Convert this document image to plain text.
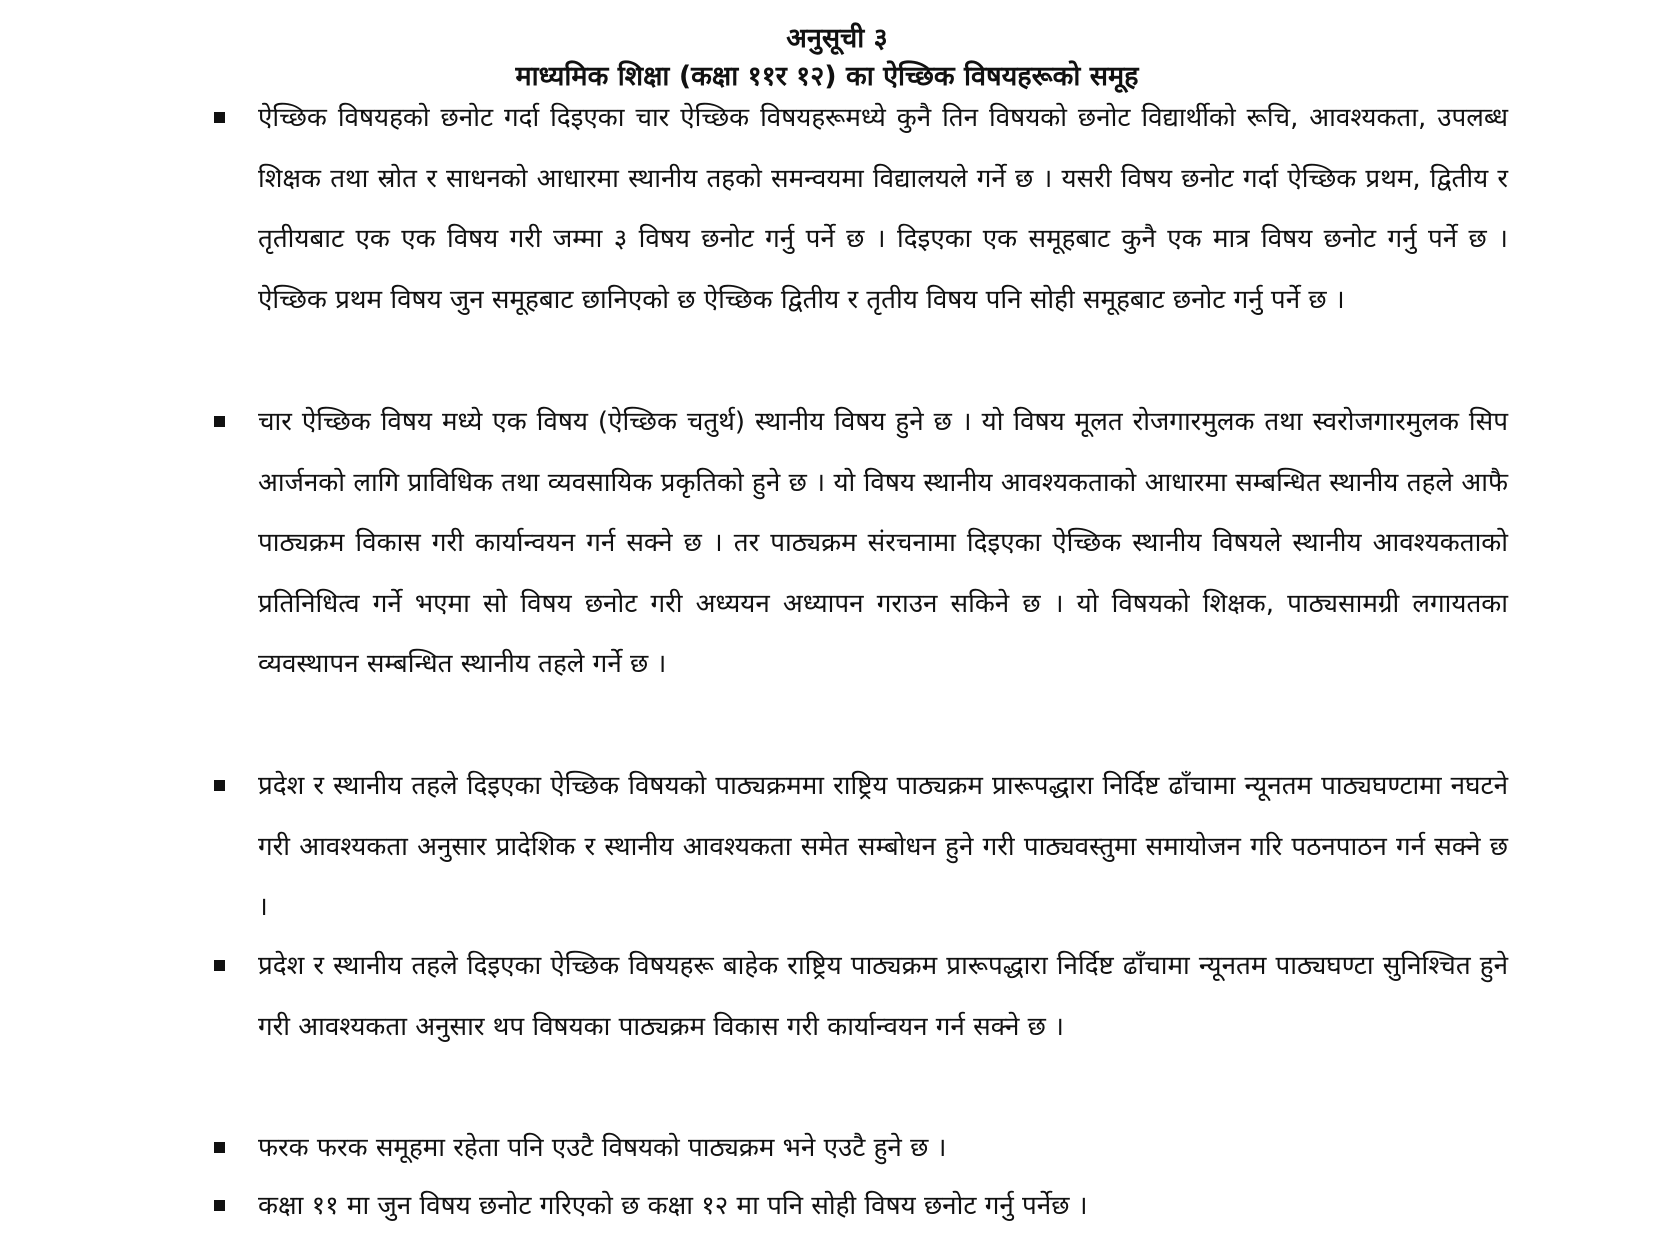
अनुसूची ३
माध्यमिक शिक्षा (कक्षा ११र १२) का ऐच्छिक विषयहरूको समूह
ऐच्छिक विषयहको छनोट गर्दा दिइएका चार ऐच्छिक विषयहरूमध्ये कुनै तिन विषयको छनोट विद्यार्थीको रूचि, आवश्यकता, उपलब्ध शिक्षक तथा स्रोत र साधनको आधारमा स्थानीय तहको समन्वयमा विद्यालयले गर्ने छ । यसरी विषय छनोट गर्दा ऐच्छिक प्रथम, द्वितीय र तृतीयबाट एक एक विषय गरी जम्मा ३ विषय छनोट गर्नु पर्ने छ । दिइएका एक समूहबाट कुनै एक मात्र विषय छनोट गर्नु पर्ने छ । ऐच्छिक प्रथम विषय जुन समूहबाट छानिएको छ ऐच्छिक द्वितीय र तृतीय विषय पनि सोही समूहबाट छनोट गर्नु पर्ने छ ।
चार ऐच्छिक विषय मध्ये एक विषय (ऐच्छिक चतुर्थ) स्थानीय विषय हुने छ । यो विषय मूलत रोजगारमुलक तथा स्वरोजगारमुलक सिप आर्जनको लागि प्राविधिक तथा व्यवसायिक प्रकृतिको हुने छ । यो विषय स्थानीय आवश्यकताको आधारमा सम्बन्धित स्थानीय तहले आफै पाठ्यक्रम विकास गरी कार्यान्वयन गर्न सक्ने छ । तर पाठ्यक्रम संरचनामा दिइएका ऐच्छिक स्थानीय विषयले स्थानीय आवश्यकताको प्रतिनिधित्व गर्ने भएमा सो विषय छनोट गरी अध्ययन अध्यापन गराउन सकिने छ । यो विषयको शिक्षक, पाठ्यसामग्री लगायतका व्यवस्थापन सम्बन्धित स्थानीय तहले गर्ने छ ।
प्रदेश र स्थानीय तहले दिइएका ऐच्छिक विषयको पाठ्यक्रममा राष्ट्रिय पाठ्यक्रम प्रारूपद्धारा निर्दिष्ट ढाँचामा न्यूनतम पाठ्यघण्टामा नघटने गरी आवश्यकता अनुसार प्रादेशिक र स्थानीय आवश्यकता समेत सम्बोधन हुने गरी पाठ्यवस्तुमा समायोजन गरि पठनपाठन गर्न सक्ने छ ।
प्रदेश र स्थानीय तहले दिइएका ऐच्छिक विषयहरू बाहेक राष्ट्रिय पाठ्यक्रम प्रारूपद्धारा निर्दिष्ट ढाँचामा न्यूनतम पाठ्यघण्टा सुनिश्चित हुने गरी आवश्यकता अनुसार थप विषयका पाठ्यक्रम विकास गरी कार्यान्वयन गर्न सक्ने छ ।
फरक फरक समूहमा रहेता पनि एउटै विषयको पाठ्यक्रम भने एउटै हुने छ ।
कक्षा ११ मा जुन विषय छनोट गरिएको छ कक्षा १२ मा पनि सोही विषय छनोट गर्नु पर्नेछ ।
